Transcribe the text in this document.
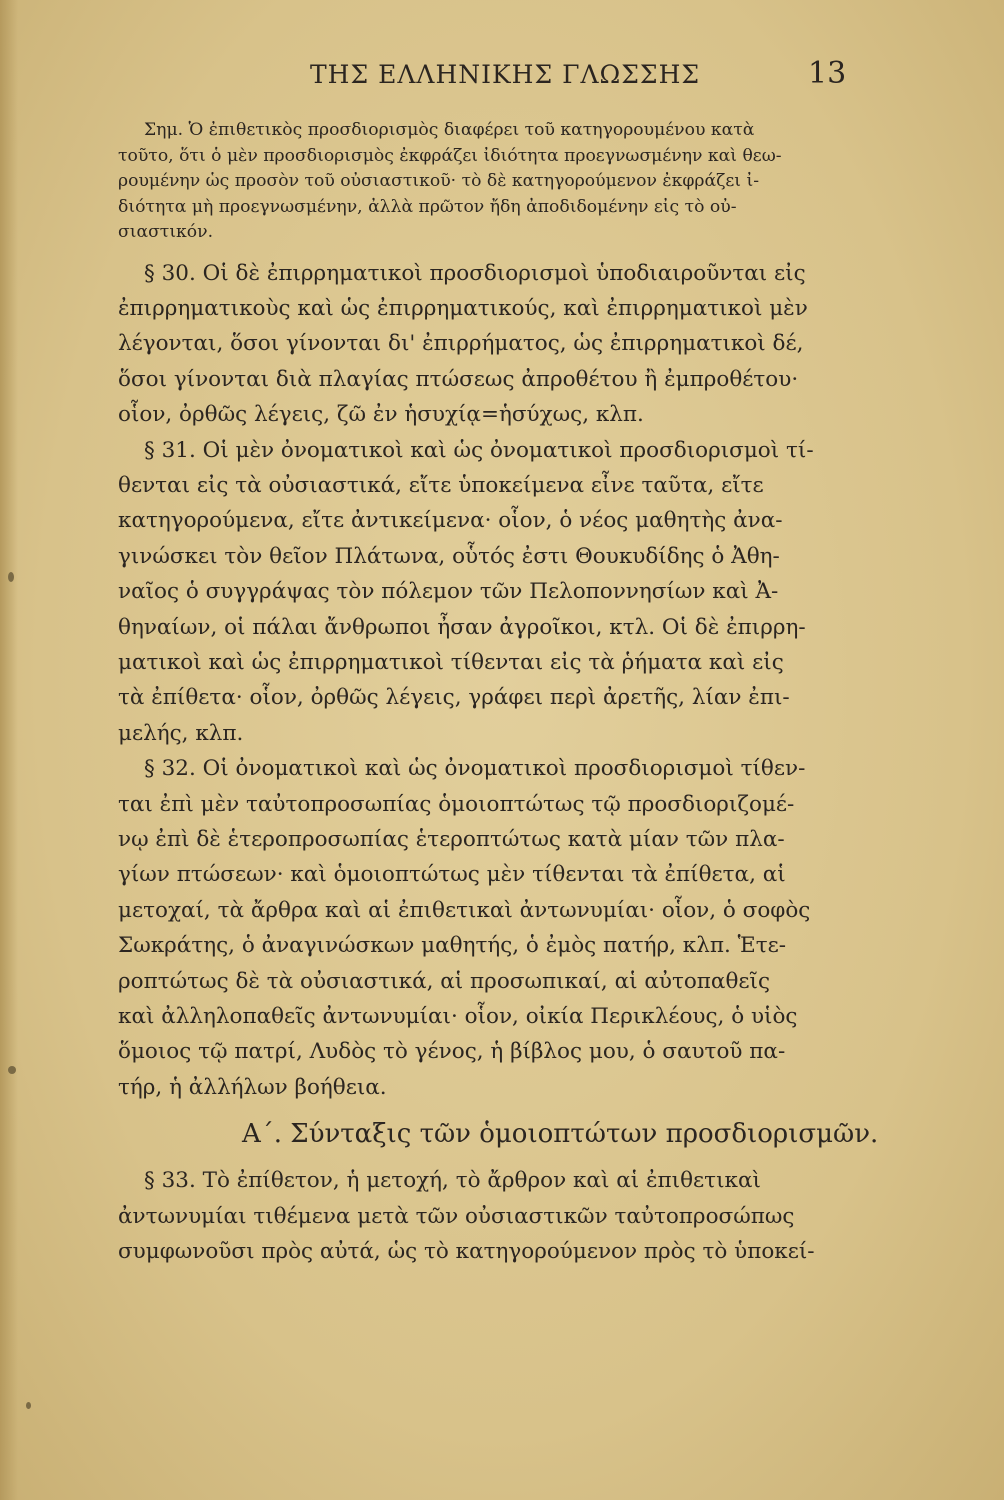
ΤΗΣ ΕΛΛΗΝΙΚΗΣ ΓΛΩΣΣΗΣ	13

Σημ. Ὁ ἐπιθετικὸς προσδιορισμὸς διαφέρει τοῦ κατηγορουμένου κατὰ

τοῦτο, ὅτι ὁ μὲν προσδιορισμὸς ἐκφράζει ἰδιότητα προεγνωσμένην καὶ θεω-

ρουμένην ὡς προσὸν τοῦ οὐσιαστικοῦ· τὸ δὲ κατηγορούμενον ἐκφράζει ἰ-

διότητα μὴ προεγνωσμένην, ἀλλὰ πρῶτον ἤδη ἀποδιδομένην εἰς τὸ οὐ-

σιαστικόν.

§ 30. Οἱ δὲ ἐπιρρηματικοὶ προσδιορισμοὶ ὑποδιαιροῦνται εἰς

ἐπιρρηματικοὺς καὶ ὡς ἐπιρρηματικούς, καὶ ἐπιρρηματικοὶ μὲν

λέγονται, ὅσοι γίνονται δι' ἐπιρρήματος, ὡς ἐπιρρηματικοὶ δέ,

ὅσοι γίνονται διὰ πλαγίας πτώσεως ἀπροθέτου ἢ ἐμπροθέτου·

οἷον, ὀρθῶς λέγεις, ζῶ ἐν ἡσυχίᾳ=ἡσύχως, κλπ.

§ 31. Οἱ μὲν ὀνοματικοὶ καὶ ὡς ὀνοματικοὶ προσδιορισμοὶ τί-

θενται εἰς τὰ οὐσιαστικά, εἴτε ὑποκείμενα εἶνε ταῦτα, εἴτε

κατηγορούμενα, εἴτε ἀντικείμενα· οἷον, ὁ νέος μαθητὴς ἀνα-

γινώσκει τὸν θεῖον Πλάτωνα, οὗτός ἐστι Θουκυδίδης ὁ Ἀθη-

ναῖος ὁ συγγράψας τὸν πόλεμον τῶν Πελοποννησίων καὶ Ἀ-

θηναίων, οἱ πάλαι ἄνθρωποι ἦσαν ἀγροῖκοι, κτλ. Οἱ δὲ ἐπιρρη-

ματικοὶ καὶ ὡς ἐπιρρηματικοὶ τίθενται εἰς τὰ ῥήματα καὶ εἰς

τὰ ἐπίθετα· οἷον, ὀρθῶς λέγεις, γράφει περὶ ἀρετῆς, λίαν ἐπι-

μελής, κλπ.

§ 32. Οἱ ὀνοματικοὶ καὶ ὡς ὀνοματικοὶ προσδιορισμοὶ τίθεν-

ται ἐπὶ μὲν ταὐτοπροσωπίας ὁμοιοπτώτως τῷ προσδιοριζομέ-

νῳ ἐπὶ δὲ ἑτεροπροσωπίας ἑτεροπτώτως κατὰ μίαν τῶν πλα-

γίων πτώσεων· καὶ ὁμοιοπτώτως μὲν τίθενται τὰ ἐπίθετα, αἱ

μετοχαί, τὰ ἄρθρα καὶ αἱ ἐπιθετικαὶ ἀντωνυμίαι· οἷον, ὁ σοφὸς

Σωκράτης, ὁ ἀναγινώσκων μαθητής, ὁ ἐμὸς πατήρ, κλπ. Ἑτε-

ροπτώτως δὲ τὰ οὐσιαστικά, αἱ προσωπικαί, αἱ αὐτοπαθεῖς

καὶ ἀλληλοπαθεῖς ἀντωνυμίαι· οἷον, οἰκία Περικλέους, ὁ υἱὸς

ὅμοιος τῷ πατρί, Λυδὸς τὸ γένος, ἡ βίβλος μου, ὁ σαυτοῦ πα-

τήρ, ἡ ἀλλήλων βοήθεια.

Α΄. Σύνταξις τῶν ὁμοιοπτώτων προσδιορισμῶν.

§ 33. Τὸ ἐπίθετον, ἡ μετοχή, τὸ ἄρθρον καὶ αἱ ἐπιθετικαὶ

ἀντωνυμίαι τιθέμενα μετὰ τῶν οὐσιαστικῶν ταὐτοπροσώπως

συμφωνοῦσι πρὸς αὐτά, ὡς τὸ κατηγορούμενον πρὸς τὸ ὑποκεί-
